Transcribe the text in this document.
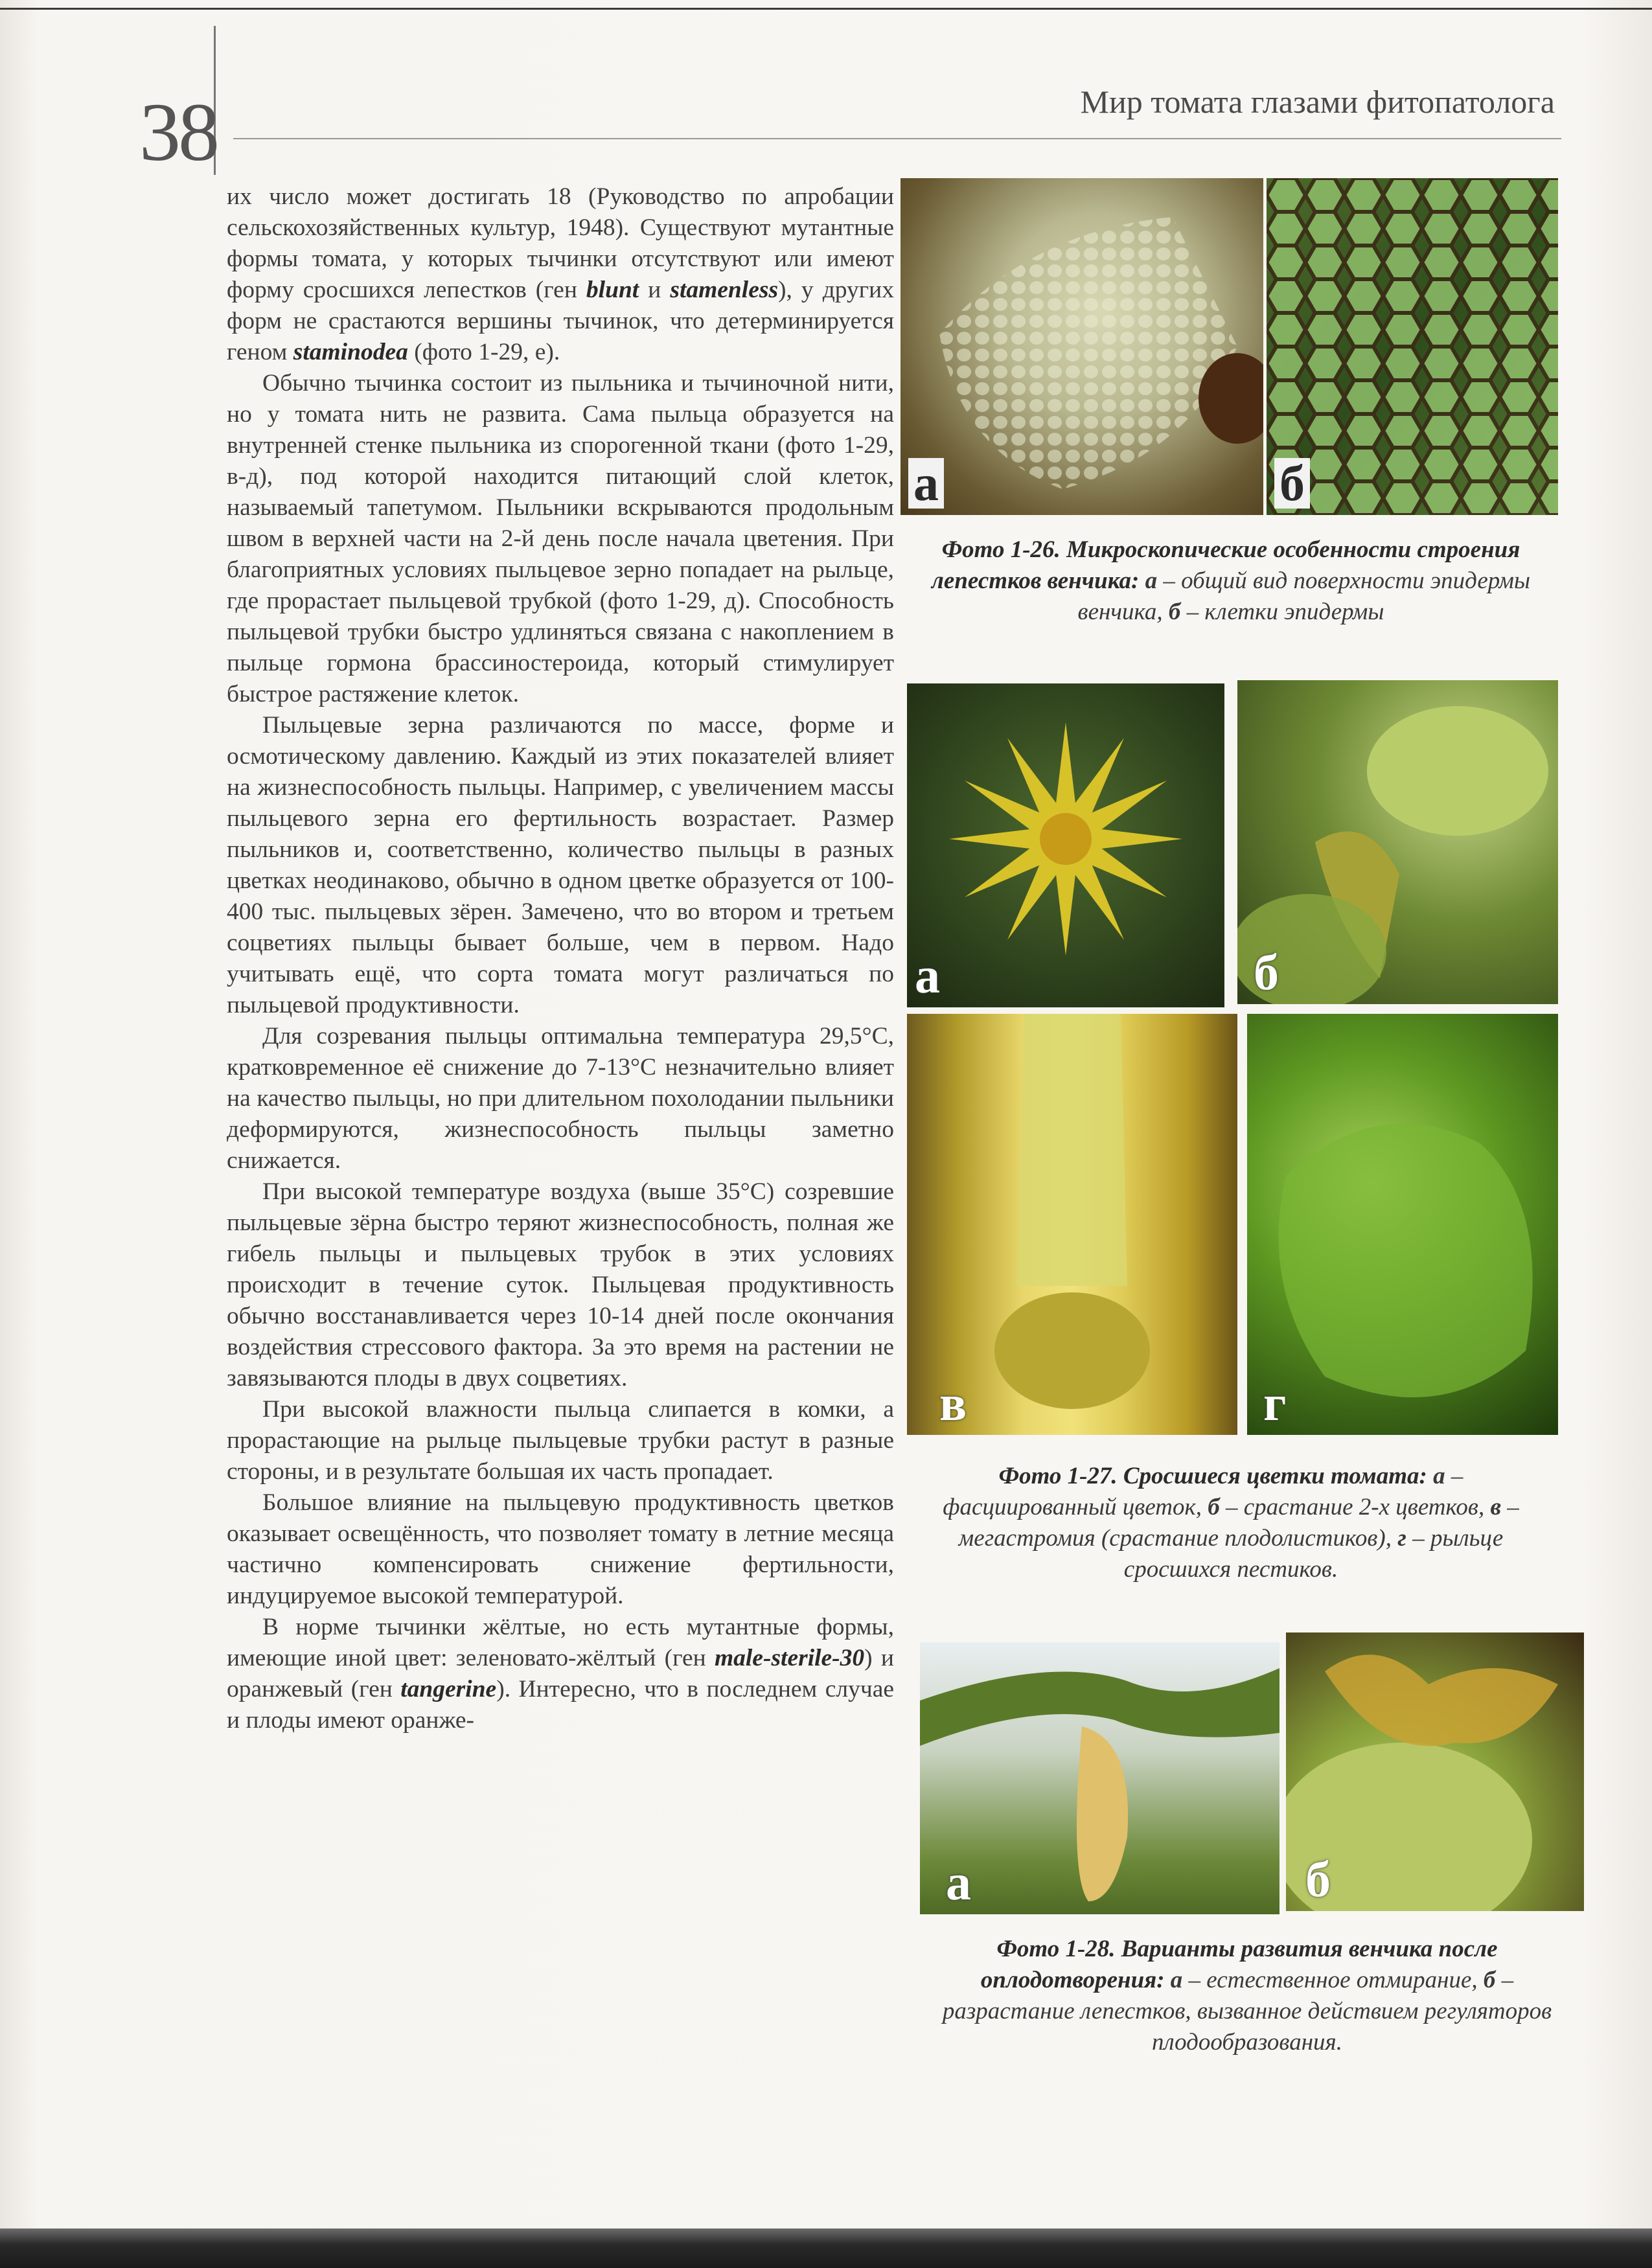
38	Мир томата глазами фитопатолога

их число может достигать 18 (Руководство по апробации сельскохозяйственных культур, 1948). Существуют мутантные формы томата, у которых тычинки отсутствуют или имеют форму сросшихся лепестков (ген blunt и stamenless), у других форм не срастаются вершины тычинок, что детерминируется геном staminodea (фото 1-29, е).

Обычно тычинка состоит из пыльника и тычиночной нити, но у томата нить не развита. Сама пыльца образуется на внутренней стенке пыльника из спорогенной ткани (фото 1-29, в-д), под которой находится питающий слой клеток, называемый тапетумом. Пыльники вскрываются продольным швом в верхней части на 2-й день после начала цветения. При благоприятных условиях пыльцевое зерно попадает на рыльце, где прорастает пыльцевой трубкой (фото 1-29, д). Способность пыльцевой трубки быстро удлиняться связана с накоплением в пыльце гормона брассиностероида, который стимулирует быстрое растяжение клеток.

Пыльцевые зерна различаются по массе, форме и осмотическому давлению. Каждый из этих показателей влияет на жизнеспособность пыльцы. Например, с увеличением массы пыльцевого зерна его фертильность возрастает. Размер пыльников и, соответственно, количество пыльцы в разных цветках неодинаково, обычно в одном цветке образуется от 100-400 тыс. пыльцевых зёрен. Замечено, что во втором и третьем соцветиях пыльцы бывает больше, чем в первом. Надо учитывать ещё, что сорта томата могут различаться по пыльцевой продуктивности.

Для созревания пыльцы оптимальна температура 29,5°С, кратковременное её снижение до 7-13°С незначительно влияет на качество пыльцы, но при длительном похолодании пыльники деформируются, жизнеспособность пыльцы заметно снижается.

При высокой температуре воздуха (выше 35°С) созревшие пыльцевые зёрна быстро теряют жизнеспособность, полная же гибель пыльцы и пыльцевых трубок в этих условиях происходит в течение суток. Пыльцевая продуктивность обычно восстанавливается через 10-14 дней после окончания воздействия стрессового фактора. За это время на растении не завязываются плоды в двух соцветиях.

При высокой влажности пыльца слипается в комки, а прорастающие на рыльце пыльцевые трубки растут в разные стороны, и в результате большая их часть пропадает.

Большое влияние на пыльцевую продуктивность цветков оказывает освещённость, что позволяет томату в летние месяца частично компенсировать снижение фертильности, индуцируемое высокой температурой.

В норме тычинки жёлтые, но есть мутантные формы, имеющие иной цвет: зеленовато-жёлтый (ген male-sterile-30) и оранжевый (ген tangerine). Интересно, что в последнем случае и плоды имеют оранже-

а	б
Фото 1-26. Микроскопические особенности строения лепестков венчика: а – общий вид поверхности эпидермы венчика, б – клетки эпидермы
а	б
в	г
Фото 1-27. Сросшиеся цветки томата: а – фасциированный цветок, б – срастание 2-х цветков, в – мегастромия (срастание плодолистиков), г – рыльце сросшихся пестиков.
а	б
Фото 1-28. Варианты развития венчика после оплодотворения: а – естественное отмирание, б – разрастание лепестков, вызванное действием регуляторов плодообразования.
